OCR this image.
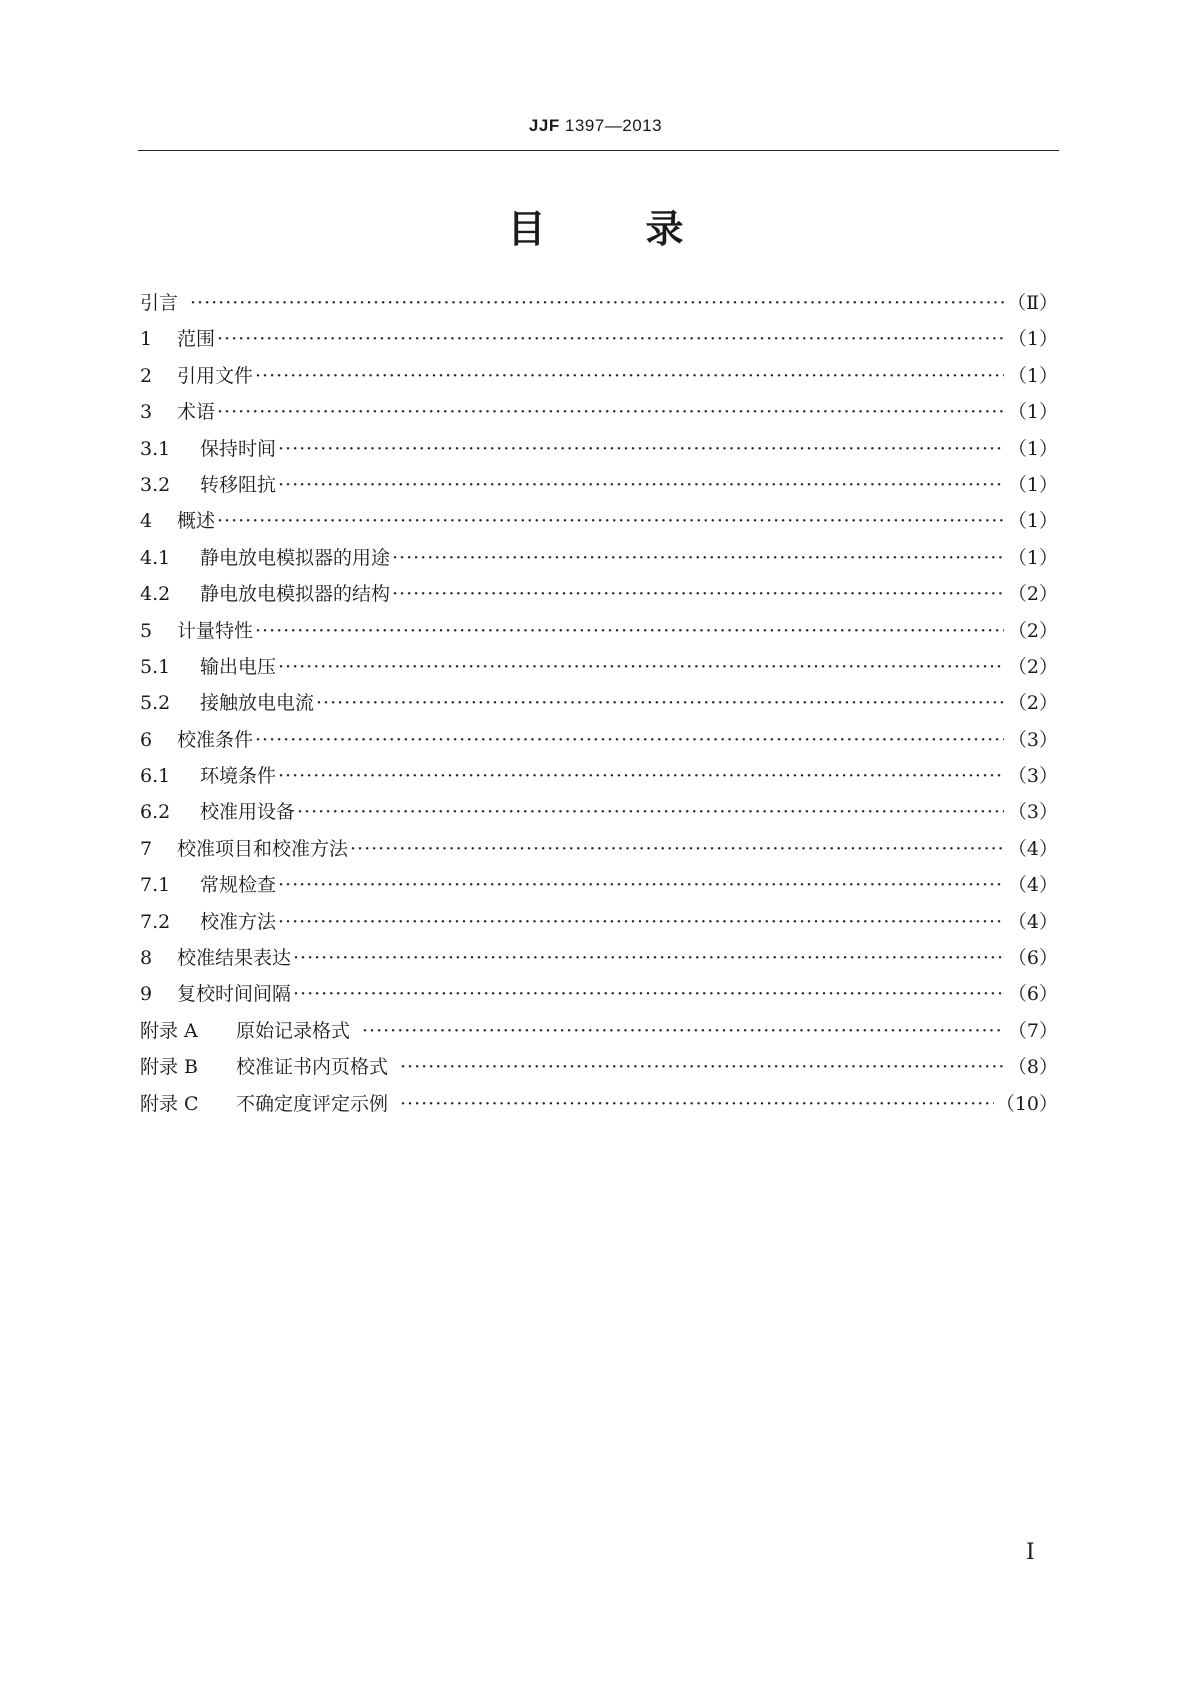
JJF 1397—2013
目	录
引言 ·····	（Ⅱ）
1	范围 ·····	（1）
2	引用文件 ·····	（1）
3	术语 ·····	（1）
3.1	保持时间 ·····	（1）
3.2	转移阻抗 ·····	（1）
4	概述 ·····	（1）
4.1	静电放电模拟器的用途 ·····	（1）
4.2	静电放电模拟器的结构 ·····	（2）
5	计量特性 ·····	（2）
5.1	输出电压 ·····	（2）
5.2	接触放电电流 ·····	（2）
6	校准条件 ·····	（3）
6.1	环境条件 ·····	（3）
6.2	校准用设备 ·····	（3）
7	校准项目和校准方法 ·····	（4）
7.1	常规检查 ·····	（4）
7.2	校准方法 ·····	（4）
8	校准结果表达 ·····	（6）
9	复校时间间隔 ·····	（6）
附录 A	原始记录格式 ·····	（7）
附录 B	校准证书内页格式 ·····	（8）
附录 C	不确定度评定示例 ·····	（10）
Ⅰ
